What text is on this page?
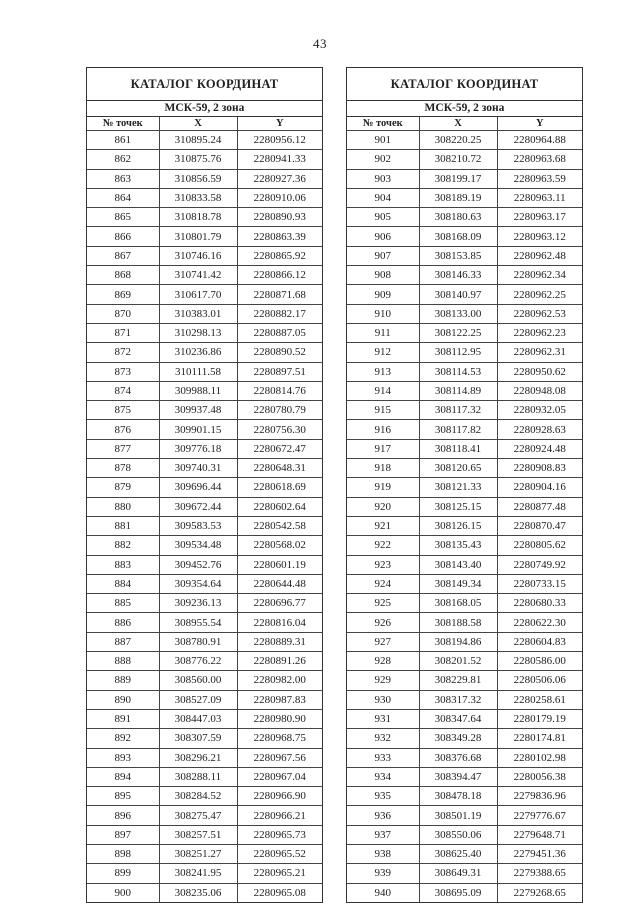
43
КАТАЛОГ КООРДИНАТ
МСК-59, 2 зона
№ точек	X	Y
861	310895.24	2280956.12
862	310875.76	2280941.33
863	310856.59	2280927.36
864	310833.58	2280910.06
865	310818.78	2280890.93
866	310801.79	2280863.39
867	310746.16	2280865.92
868	310741.42	2280866.12
869	310617.70	2280871.68
870	310383.01	2280882.17
871	310298.13	2280887.05
872	310236.86	2280890.52
873	310111.58	2280897.51
874	309988.11	2280814.76
875	309937.48	2280780.79
876	309901.15	2280756.30
877	309776.18	2280672.47
878	309740.31	2280648.31
879	309696.44	2280618.69
880	309672.44	2280602.64
881	309583.53	2280542.58
882	309534.48	2280568.02
883	309452.76	2280601.19
884	309354.64	2280644.48
885	309236.13	2280696.77
886	308955.54	2280816.04
887	308780.91	2280889.31
888	308776.22	2280891.26
889	308560.00	2280982.00
890	308527.09	2280987.83
891	308447.03	2280980.90
892	308307.59	2280968.75
893	308296.21	2280967.56
894	308288.11	2280967.04
895	308284.52	2280966.90
896	308275.47	2280966.21
897	308257.51	2280965.73
898	308251.27	2280965.52
899	308241.95	2280965.21
900	308235.06	2280965.08
КАТАЛОГ КООРДИНАТ
МСК-59, 2 зона
№ точек	X	Y
901	308220.25	2280964.88
902	308210.72	2280963.68
903	308199.17	2280963.59
904	308189.19	2280963.11
905	308180.63	2280963.17
906	308168.09	2280963.12
907	308153.85	2280962.48
908	308146.33	2280962.34
909	308140.97	2280962.25
910	308133.00	2280962.53
911	308122.25	2280962.23
912	308112.95	2280962.31
913	308114.53	2280950.62
914	308114.89	2280948.08
915	308117.32	2280932.05
916	308117.82	2280928.63
917	308118.41	2280924.48
918	308120.65	2280908.83
919	308121.33	2280904.16
920	308125.15	2280877.48
921	308126.15	2280870.47
922	308135.43	2280805.62
923	308143.40	2280749.92
924	308149.34	2280733.15
925	308168.05	2280680.33
926	308188.58	2280622.30
927	308194.86	2280604.83
928	308201.52	2280586.00
929	308229.81	2280506.06
930	308317.32	2280258.61
931	308347.64	2280179.19
932	308349.28	2280174.81
933	308376.68	2280102.98
934	308394.47	2280056.38
935	308478.18	2279836.96
936	308501.19	2279776.67
937	308550.06	2279648.71
938	308625.40	2279451.36
939	308649.31	2279388.65
940	308695.09	2279268.65
